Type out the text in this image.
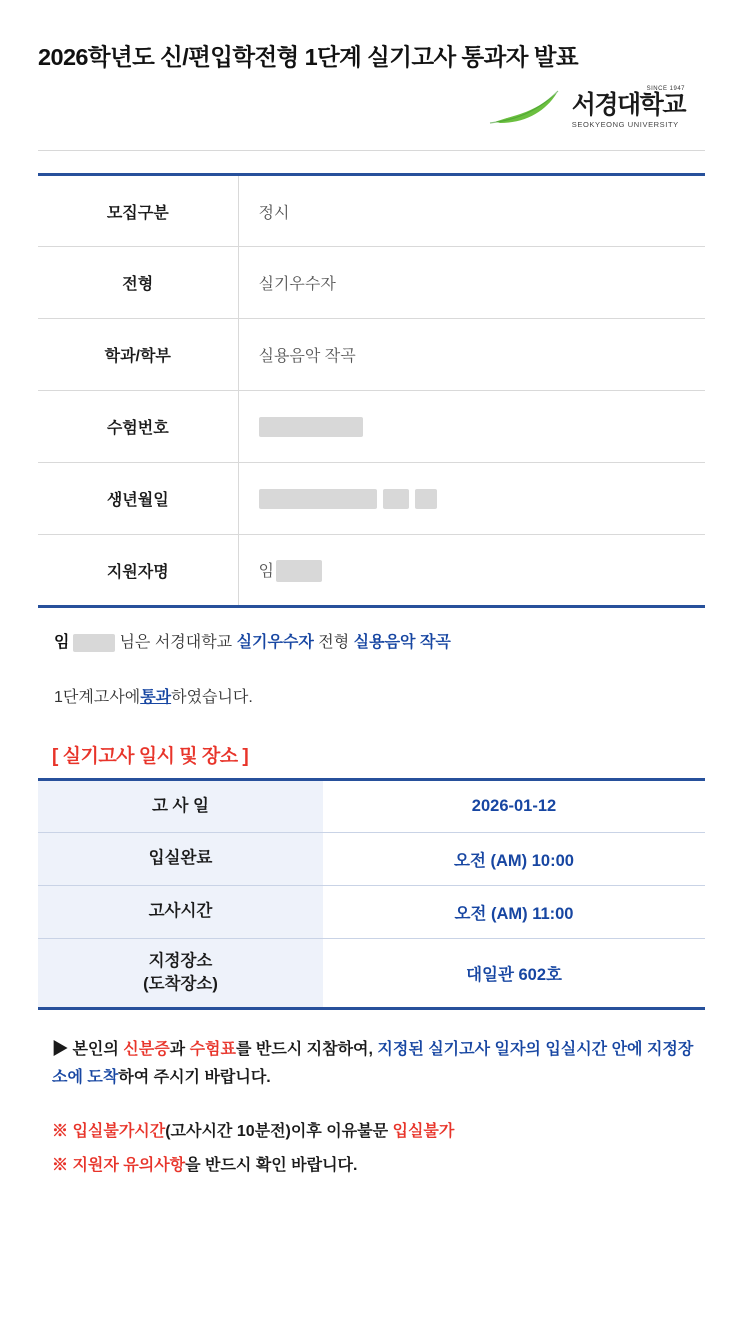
2026학년도 신/편입학전형 1단계 실기고사 통과자 발표
SINCE 1947
서경대학교
SEOKYEONG UNIVERSITY
모집구분	정시
전형	실기우수자
학과/학부	실용음악 작곡
수험번호	
생년월일	
지원자명	임

임	님은 서경대학교 실기우수자 전형 실용음악 작곡

1단계고사에통과하였습니다.

[ 실기고사 일시 및 장소 ]
고 사 일	2026-01-12
입실완료	오전 (AM) 10:00
고사시간	오전 (AM) 11:00
지정장소
(도착장소)	대일관 602호

▶ 본인의 신분증과 수험표를 반드시 지참하여, 지정된 실기고사 일자의 입실시간 안에 지정장소에 도착하여 주시기 바랍니다.

※ 입실불가시간(고사시간 10분전)이후 이유불문 입실불가

※ 지원자 유의사항을 반드시 확인 바랍니다.
